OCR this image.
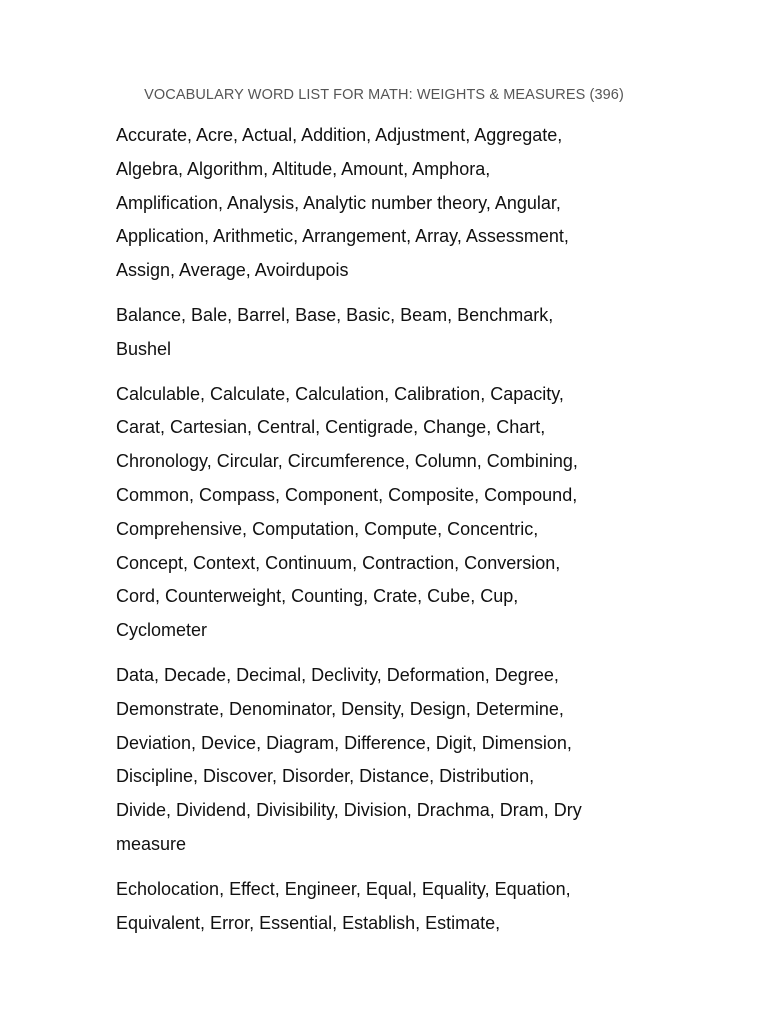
VOCABULARY WORD LIST FOR MATH: WEIGHTS & MEASURES (396)
Accurate, Acre, Actual, Addition, Adjustment, Aggregate,
Algebra, Algorithm, Altitude, Amount, Amphora,
Amplification, Analysis, Analytic number theory, Angular,
Application, Arithmetic, Arrangement, Array, Assessment,
Assign, Average, Avoirdupois
Balance, Bale, Barrel, Base, Basic, Beam, Benchmark,
Bushel
Calculable, Calculate, Calculation, Calibration, Capacity,
Carat, Cartesian, Central, Centigrade, Change, Chart,
Chronology, Circular, Circumference, Column, Combining,
Common, Compass, Component, Composite, Compound,
Comprehensive, Computation, Compute, Concentric,
Concept, Context, Continuum, Contraction, Conversion,
Cord, Counterweight, Counting, Crate, Cube, Cup,
Cyclometer
Data, Decade, Decimal, Declivity, Deformation, Degree,
Demonstrate, Denominator, Density, Design, Determine,
Deviation, Device, Diagram, Difference, Digit, Dimension,
Discipline, Discover, Disorder, Distance, Distribution,
Divide, Dividend, Divisibility, Division, Drachma, Dram, Dry
measure
Echolocation, Effect, Engineer, Equal, Equality, Equation,
Equivalent, Error, Essential, Establish, Estimate,
